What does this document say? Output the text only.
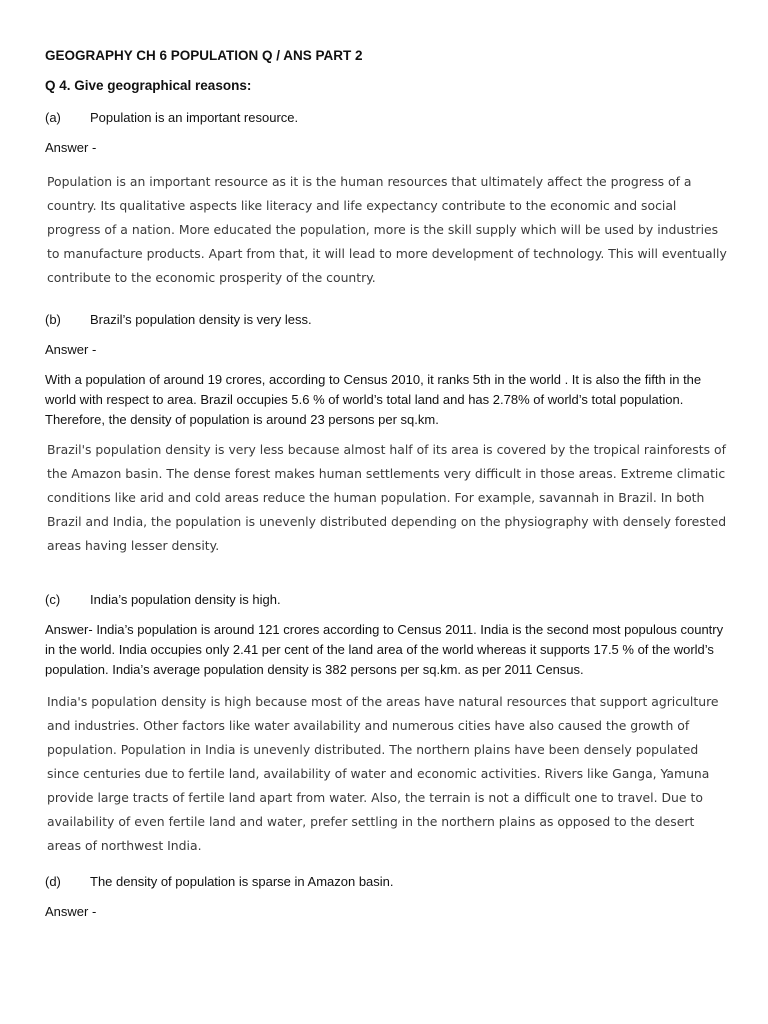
GEOGRAPHY CH 6 POPULATION Q / ANS PART 2
Q 4. Give geographical reasons:
(a)	Population is an important resource.
Answer -
Population is an important resource as it is the human resources that ultimately affect the progress of a country. Its qualitative aspects like literacy and life expectancy contribute to the economic and social progress of a nation. More educated the population, more is the skill supply which will be used by industries to manufacture products. Apart from that, it will lead to more development of technology. This will eventually contribute to the economic prosperity of the country.
(b)	Brazil’s population density is very less.
Answer -
With a population of around 19 crores, according to Census 2010, it ranks 5th in the world . It is also the fifth in the world with respect to area. Brazil occupies 5.6 % of world’s total land and has 2.78% of world’s total population. Therefore, the density of population is around 23 persons per sq.km.
Brazil's population density is very less because almost half of its area is covered by the tropical rainforests of the Amazon basin. The dense forest makes human settlements very difficult in those areas. Extreme climatic conditions like arid and cold areas reduce the human population. For example, savannah in Brazil. In both Brazil and India, the population is unevenly distributed depending on the physiography with densely forested areas having lesser density.
(c)	India’s population density is high.
Answer- India’s population is around 121 crores according to Census 2011. India is the second most populous country in the world. India occupies only 2.41 per cent of the land area of the world whereas it supports 17.5 % of the world’s population. India’s average population density is 382 persons per sq.km. as per 2011 Census.
India's population density is high because most of the areas have natural resources that support agriculture and industries. Other factors like water availability and numerous cities have also caused the growth of population. Population in India is unevenly distributed. The northern plains have been densely populated since centuries due to fertile land, availability of water and economic activities. Rivers like Ganga, Yamuna provide large tracts of fertile land apart from water. Also, the terrain is not a difficult one to travel. Due to availability of even fertile land and water, prefer settling in the northern plains as opposed to the desert areas of northwest India.
(d)	The density of population is sparse in Amazon basin.
Answer -
